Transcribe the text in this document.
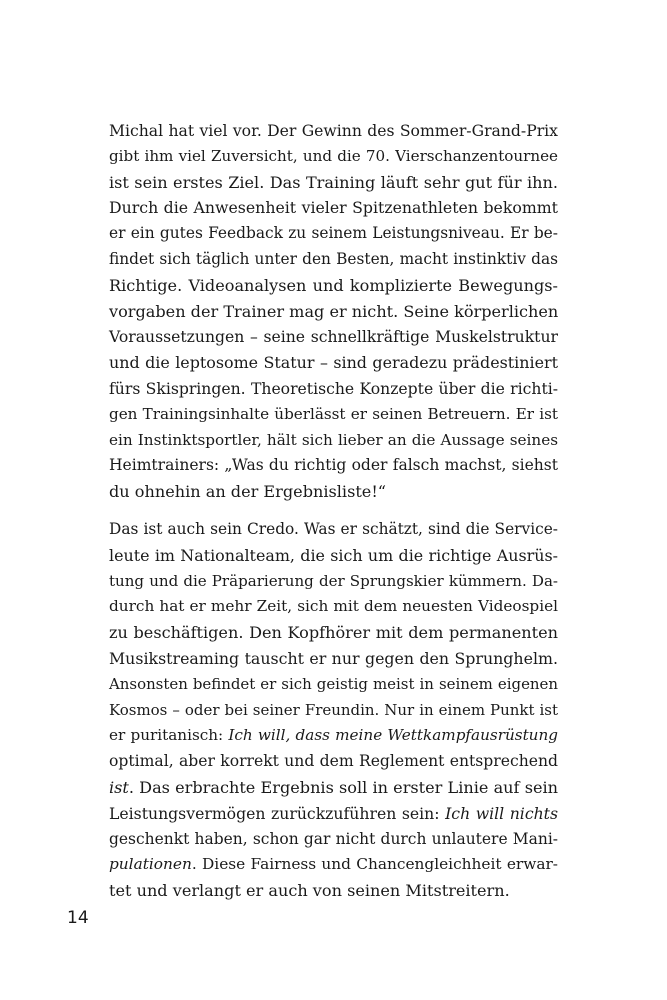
Michal hat viel vor. Der Gewinn des Sommer-Grand-Prix
gibt ihm viel Zuversicht, und die 70. Vierschanzentournee
ist sein erstes Ziel. Das Training läuft sehr gut für ihn.
Durch die Anwesenheit vieler Spitzenathleten bekommt
er ein gutes Feedback zu seinem Leistungsniveau. Er be-
findet sich täglich unter den Besten, macht instinktiv das
Richtige. Videoanalysen und komplizierte Bewegungs-
vorgaben der Trainer mag er nicht. Seine körperlichen
Voraussetzungen – seine schnellkräftige Muskelstruktur
und die leptosome Statur – sind geradezu prädestiniert
fürs Skispringen. Theoretische Konzepte über die richti-
gen Trainingsinhalte überlässt er seinen Betreuern. Er ist
ein Instinktsportler, hält sich lieber an die Aussage seines
Heimtrainers: „Was du richtig oder falsch machst, siehst
du ohnehin an der Ergebnisliste!“
Das ist auch sein Credo. Was er schätzt, sind die Service-
leute im Nationalteam, die sich um die richtige Ausrüs-
tung und die Präparierung der Sprungskier kümmern. Da-
durch hat er mehr Zeit, sich mit dem neuesten Videospiel
zu beschäftigen. Den Kopfhörer mit dem permanenten
Musikstreaming tauscht er nur gegen den Sprunghelm.
Ansonsten befindet er sich geistig meist in seinem eigenen
Kosmos – oder bei seiner Freundin. Nur in einem Punkt ist
er puritanisch: Ich will, dass meine Wettkampfausrüstung
optimal, aber korrekt und dem Reglement entsprechend
ist. Das erbrachte Ergebnis soll in erster Linie auf sein
Leistungsvermögen zurückzuführen sein: Ich will nichts
geschenkt haben, schon gar nicht durch unlautere Mani-
pulationen. Diese Fairness und Chancengleichheit erwar-
tet und verlangt er auch von seinen Mitstreitern.
14
